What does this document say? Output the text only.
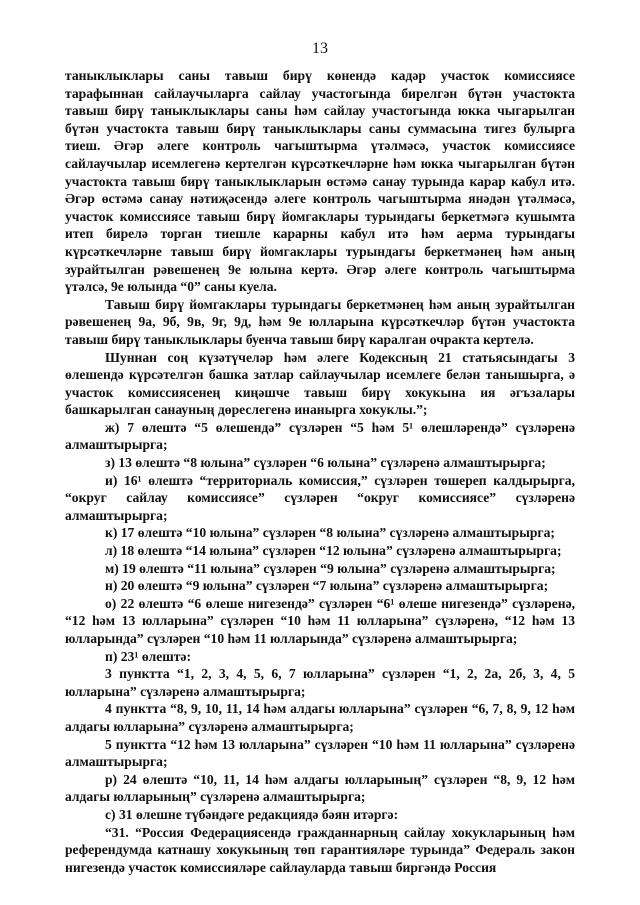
13

таныклыклары саны тавыш бирү көнендә кадәр участок комиссиясе тарафыннан сайлаучыларга сайлау участогында бирелгән бүтән участокта тавыш бирү таныклыклары саны һәм сайлау участогында юкка чыгарылган бүтән участокта тавыш бирү таныклыклары саны суммасына тигез булырга тиеш. Әгәр әлеге контроль чагыштырма үтәлмәсә, участок комиссиясе сайлаучылар исемлегенә кертелгән күрсәткечләрне һәм юкка чыгарылган бүтән участокта тавыш бирү таныклыкларын өстәмә санау турында карар кабул итә. Әгәр өстәмә санау нәтиҗәсендә әлеге контроль чагыштырма янәдән үтәлмәсә, участок комиссиясе тавыш бирү йомгаклары турындагы беркетмәгә кушымта итеп бирелә торган тиешле карарны кабул итә һәм аерма турындагы күрсәткечләрне тавыш бирү йомгаклары турындагы беркетмәнең һәм аның зурайтылган рәвешенең 9е юлына кертә. Әгәр әлеге контроль чагыштырма үтәлсә, 9е юлында “0” саны куела.

Тавыш бирү йомгаклары турындагы беркетмәнең һәм аның зурайтылган рәвешенең 9а, 9б, 9в, 9г, 9д, һәм 9е юлларына күрсәткечләр бүтән участокта тавыш бирү таныклыклары буенча тавыш бирү каралган очракта кертелә.

Шуннан соң күзәтүчеләр һәм әлеге Кодексның 21 статьясындагы 3 өлешендә күрсәтелгән башка затлар сайлаучылар исемлеге белән танышырга, ә участок комиссиясенең киңәшче тавыш бирү хокукына ия әгъзалары башкарылган санауның дөреслегенә инанырга хокуклы.”;

ж) 7 өлештә “5 өлешендә” сүзләрен “5 һәм 5¹ өлешләрендә” сүзләренә алмаштырырга;

з) 13 өлештә “8 юлына” сүзләрен “6 юлына” сүзләренә алмаштырырга;

и) 16¹ өлештә “территориаль комиссия,” сүзләрен төшереп калдырырга, “округ сайлау комиссиясе” сүзләрен “округ комиссиясе” сүзләренә алмаштырырга;

к) 17 өлештә “10 юлына” сүзләрен “8 юлына” сүзләренә алмаштырырга;

л) 18 өлештә “14 юлына” сүзләрен “12 юлына” сүзләренә алмаштырырга;

м) 19 өлештә “11 юлына” сүзләрен “9 юлына” сүзләренә алмаштырырга;

н) 20 өлештә “9 юлына” сүзләрен “7 юлына” сүзләренә алмаштырырга;

о) 22 өлештә “6 өлеше нигезендә” сүзләрен “6¹ өлеше нигезендә” сүзләренә, “12 һәм 13 юлларына” сүзләрен “10 һәм 11 юлларына” сүзләренә, “12 һәм 13 юлларында” сүзләрен “10 һәм 11 юлларында” сүзләренә алмаштырырга;

п) 23¹ өлештә:

3 пунктта “1, 2, 3, 4, 5, 6, 7 юлларына” сүзләрен “1, 2, 2а, 2б, 3, 4, 5 юлларына” сүзләренә алмаштырырга;

4 пунктта “8, 9, 10, 11, 14 һәм алдагы юлларына” сүзләрен “6, 7, 8, 9, 12 һәм алдагы юлларына” сүзләренә алмаштырырга;

5 пунктта “12 һәм 13 юлларына” сүзләрен “10 һәм 11 юлларына” сүзләренә алмаштырырга;

р) 24 өлештә “10, 11, 14 һәм алдагы юлларының” сүзләрен “8, 9, 12 һәм алдагы юлларының” сүзләренә алмаштырырга;

с) 31 өлешне түбәндәге редакциядә бәян итәргә:

“31. “Россия Федерациясендә гражданнарның сайлау хокукларының һәм референдумда катнашу хокукының төп гарантияләре турында” Федераль закон нигезендә участок комиссияләре сайлауларда тавыш биргәндә Россия
